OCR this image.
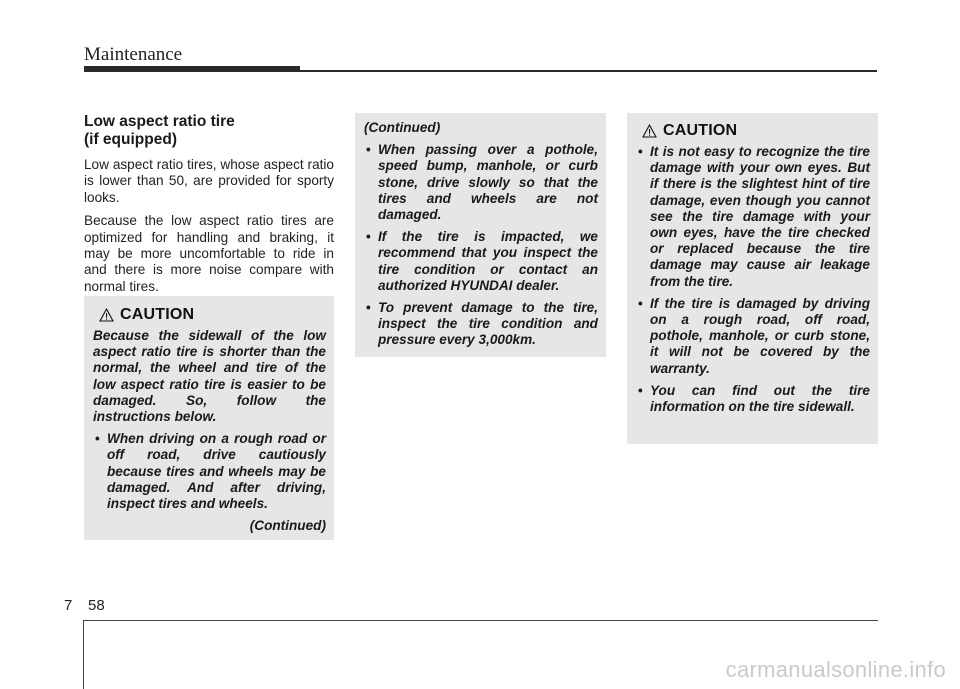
Maintenance
Low aspect ratio tire
(if equipped)

Low aspect ratio tires, whose aspect ratio is lower than 50, are provided for sporty looks.

Because the low aspect ratio tires are optimized for handling and braking, it may be more uncomfortable to ride in and there is more noise compare with normal tires.

CAUTION

Because the sidewall of the low aspect ratio tire is shorter than the normal, the wheel and tire of the low aspect ratio tire is easier to be damaged. So, follow the instructions below.

• When driving on a rough road or off road, drive cautiously because tires and wheels may be damaged. And after driving, inspect tires and wheels.
(Continued)
(Continued)
• When passing over a pothole, speed bump, manhole, or curb stone, drive slowly so that the tires and wheels are not damaged.
• If the tire is impacted, we recommend that you inspect the tire condition or contact an authorized HYUNDAI dealer.
• To prevent damage to the tire, inspect the tire condition and pressure every 3,000km.
CAUTION
• It is not easy to recognize the tire damage with your own eyes. But if there is the slightest hint of tire damage, even though you cannot see the tire damage with your own eyes, have the tire checked or replaced because the tire damage may cause air leakage from the tire.
• If the tire is damaged by driving on a rough road, off road, pothole, manhole, or curb stone, it will not be covered by the warranty.
• You can find out the tire information on the tire sidewall.
7 58
carmanualsonline.info
